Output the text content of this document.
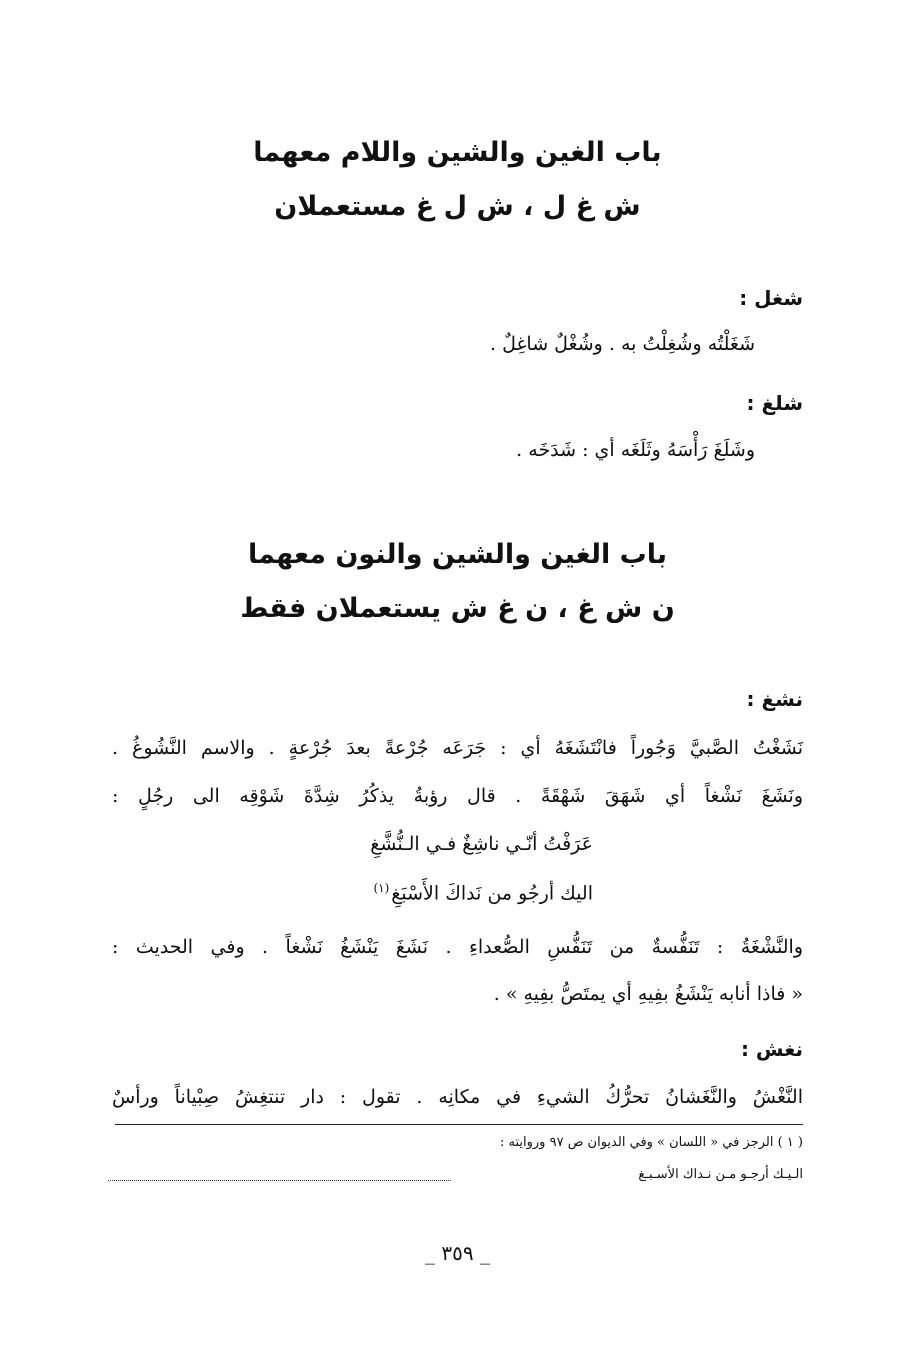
باب الغين والشين واللام معهما
ش غ ل ، ش ل غ مستعملان
شغل :
شَغَلْتُه وشُغِلْتُ به . وشُغْلٌ شاغِلٌ .
شلغ :
وشَلَغَ رَأْسَهُ وثَلَغَه أي : شَدَخَه .
باب الغين والشين والنون معهما
ن ش غ ، ن غ ش يستعملان فقط
نشغ :
نَشَغْتُ الصَّبيَّ وَجُوراً فانْتَشَغَهُ أي : جَرَعَه جُرْعةً بعدَ جُرْعةٍ . والاسم النَّشُوغُ .
ونَشَغَ نَشْغاً أي شَهَقَ شَهْقَةً . قال رؤبةُ يذكُرُ شِدَّةَ شَوْقِه الى رجُلٍ :
عَرَفْتُ أنّـي ناشِغٌ فـي الـنُّشَّغِ
اليك أرجُو من نَداكَ الأَسْبَغِ$^{(١)}$
والنَّشْغَةُ : تَنَفُّسةٌ من تَنَفُّسِ الصُّعداءِ . نَشَغَ يَنْشَغُ نَشْغاً . وفي الحديث :
« فاذا أنابه يَنْشَغُ بفِيهِ أي يمتَصُّ بفِيهِ » .
نغش :
النَّغْشُ والنَّغَشانُ تحرُّكُ الشيءِ في مكانِه . تقول : دار تنتغِشُ صِبْياناً ورأسٌ
( ١ ) الرجز في « اللسان » وفي الديوان ص ٩٧ وروايته :
الـيـك أرجـو مـن نـداك الأسـبـغ
_ ٣٥٩ _
